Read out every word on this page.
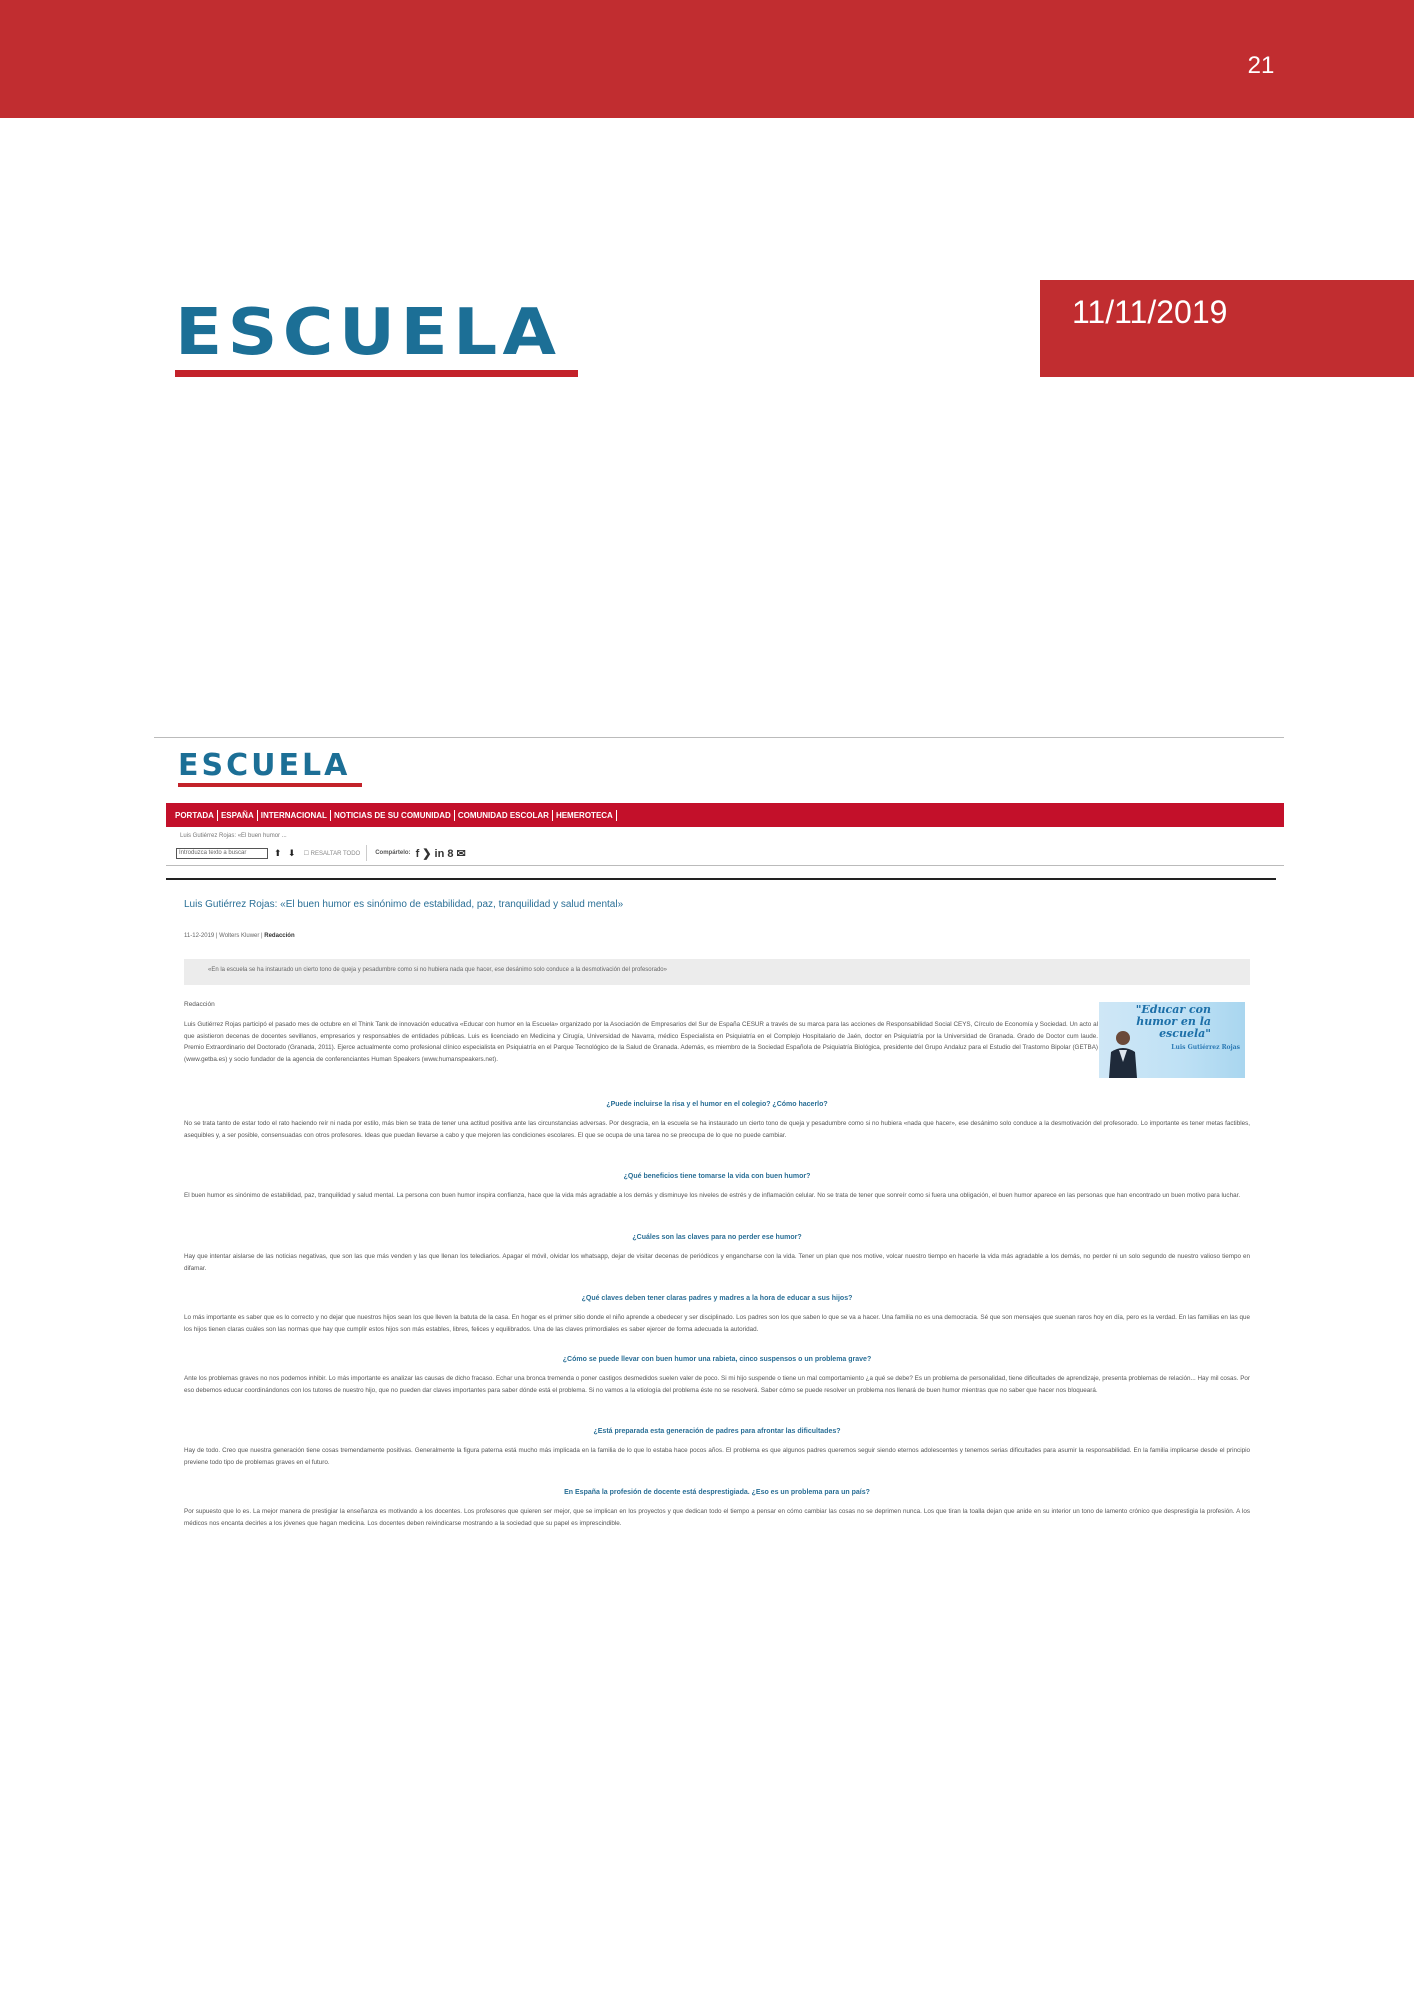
21
ESCUELA	11/11/2019
ESCUELA
PORTADA ESPAÑA INTERNACIONAL NOTICIAS DE SU COMUNIDAD COMUNIDAD ESCOLAR HEMEROTECA
Luis Gutiérrez Rojas: «El buen humor ...
Introduzca texto a buscar	⬆ ⬇ ☐ RESALTAR TODO	Compártelo: f ❯ in 8 ✉
Luis Gutiérrez Rojas: «El buen humor es sinónimo de estabilidad, paz, tranquilidad y salud mental»
11-12-2019 | Wolters Kluwer | Redacción
«En la escuela se ha instaurado un cierto tono de queja y pesadumbre como si no hubiera nada que hacer, ese desánimo solo conduce a la desmotivación del profesorado»
Redacción
Luis Gutiérrez Rojas participó el pasado mes de octubre en el Think Tank de innovación educativa «Educar con humor en la Escuela» organizado por la Asociación de Empresarios del Sur de España CESUR a través de su marca para las acciones de Responsabilidad Social CEYS, Círculo de Economía y Sociedad. Un acto al que asistieron decenas de docentes sevillanos, empresarios y responsables de entidades públicas. Luis es licenciado en Medicina y Cirugía, Universidad de Navarra, médico Especialista en Psiquiatría en el Complejo Hospitalario de Jaén, doctor en Psiquiatría por la Universidad de Granada. Grado de Doctor cum laude. Premio Extraordinario del Doctorado (Granada, 2011). Ejerce actualmente como profesional clínico especialista en Psiquiatría en el Parque Tecnológico de la Salud de Granada. Además, es miembro de la Sociedad Española de Psiquiatría Biológica, presidente del Grupo Andaluz para el Estudio del Trastorno Bipolar (GETBA) (www.getba.es) y socio fundador de la agencia de conferenciantes Human Speakers (www.humanspeakers.net).
"Educar con humor en la escuela"
Luis Gutiérrez Rojas
¿Puede incluirse la risa y el humor en el colegio? ¿Cómo hacerlo?
No se trata tanto de estar todo el rato haciendo reír ni nada por estilo, más bien se trata de tener una actitud positiva ante las circunstancias adversas. Por desgracia, en la escuela se ha instaurado un cierto tono de queja y pesadumbre como si no hubiera «nada que hacer», ese desánimo solo conduce a la desmotivación del profesorado. Lo importante es tener metas factibles, asequibles y, a ser posible, consensuadas con otros profesores. Ideas que puedan llevarse a cabo y que mejoren las condiciones escolares. El que se ocupa de una tarea no se preocupa de lo que no puede cambiar.
¿Qué beneficios tiene tomarse la vida con buen humor?
El buen humor es sinónimo de estabilidad, paz, tranquilidad y salud mental. La persona con buen humor inspira confianza, hace que la vida más agradable a los demás y disminuye los niveles de estrés y de inflamación celular. No se trata de tener que sonreír como si fuera una obligación, el buen humor aparece en las personas que han encontrado un buen motivo para luchar.
¿Cuáles son las claves para no perder ese humor?
Hay que intentar aislarse de las noticias negativas, que son las que más venden y las que llenan los telediarios. Apagar el móvil, olvidar los whatsapp, dejar de visitar decenas de periódicos y engancharse con la vida. Tener un plan que nos motive, volcar nuestro tiempo en hacerle la vida más agradable a los demás, no perder ni un solo segundo de nuestro valioso tiempo en difamar.
¿Qué claves deben tener claras padres y madres a la hora de educar a sus hijos?
Lo más importante es saber que es lo correcto y no dejar que nuestros hijos sean los que lleven la batuta de la casa. En hogar es el primer sitio donde el niño aprende a obedecer y ser disciplinado. Los padres son los que saben lo que se va a hacer. Una familia no es una democracia. Sé que son mensajes que suenan raros hoy en día, pero es la verdad. En las familias en las que los hijos tienen claras cuáles son las normas que hay que cumplir estos hijos son más estables, libres, felices y equilibrados. Una de las claves primordiales es saber ejercer de forma adecuada la autoridad.
¿Cómo se puede llevar con buen humor una rabieta, cinco suspensos o un problema grave?
Ante los problemas graves no nos podemos inhibir. Lo más importante es analizar las causas de dicho fracaso. Echar una bronca tremenda o poner castigos desmedidos suelen valer de poco. Si mi hijo suspende o tiene un mal comportamiento ¿a qué se debe? Es un problema de personalidad, tiene dificultades de aprendizaje, presenta problemas de relación... Hay mil cosas. Por eso debemos educar coordinándonos con los tutores de nuestro hijo, que no pueden dar claves importantes para saber dónde está el problema. Si no vamos a la etiología del problema éste no se resolverá. Saber cómo se puede resolver un problema nos llenará de buen humor mientras que no saber que hacer nos bloqueará.
¿Está preparada esta generación de padres para afrontar las dificultades?
Hay de todo. Creo que nuestra generación tiene cosas tremendamente positivas. Generalmente la figura paterna está mucho más implicada en la familia de lo que lo estaba hace pocos años. El problema es que algunos padres queremos seguir siendo eternos adolescentes y tenemos serias dificultades para asumir la responsabilidad. En la familia implicarse desde el principio previene todo tipo de problemas graves en el futuro.
En España la profesión de docente está desprestigiada. ¿Eso es un problema para un país?
Por supuesto que lo es. La mejor manera de prestigiar la enseñanza es motivando a los docentes. Los profesores que quieren ser mejor, que se implican en los proyectos y que dedican todo el tiempo a pensar en cómo cambiar las cosas no se deprimen nunca. Los que tiran la toalla dejan que anide en su interior un tono de lamento crónico que desprestigia la profesión. A los médicos nos encanta decirles a los jóvenes que hagan medicina. Los docentes deben reivindicarse mostrando a la sociedad que su papel es imprescindible.
